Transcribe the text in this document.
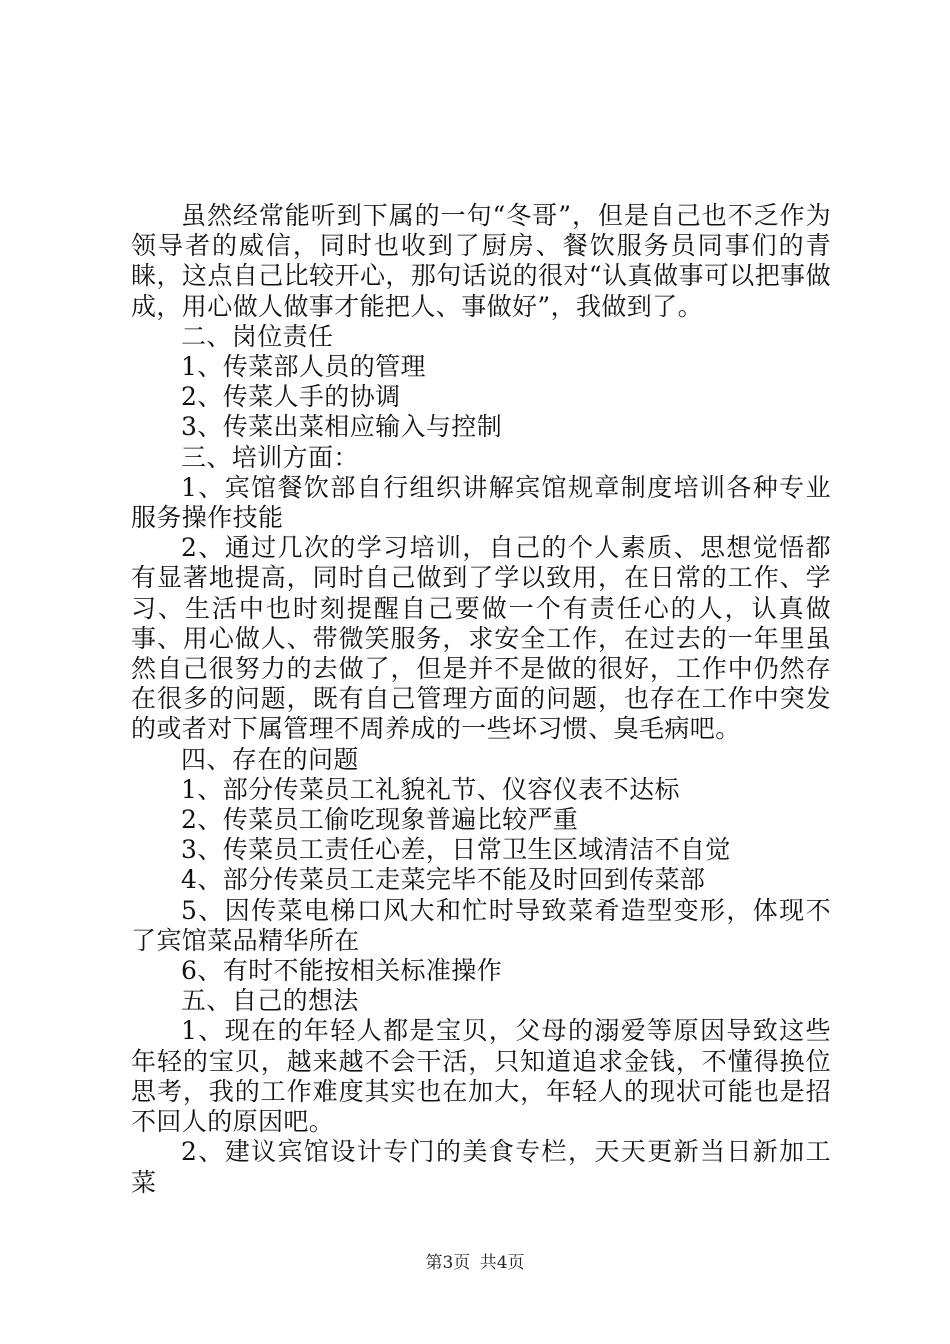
虽然经常能听到下属的一句“冬哥”，但是自己也不乏作为领导者的威信，同时也收到了厨房、餐饮服务员同事们的青睐，这点自己比较开心，那句话说的很对“认真做事可以把事做成，用心做人做事才能把人、事做好”，我做到了。

二、岗位责任

1、传菜部人员的管理

2、传菜人手的协调

3、传菜出菜相应输入与控制

三、培训方面：

1、宾馆餐饮部自行组织讲解宾馆规章制度培训各种专业服务操作技能

2、通过几次的学习培训，自己的个人素质、思想觉悟都有显著地提高，同时自己做到了学以致用，在日常的工作、学习、生活中也时刻提醒自己要做一个有责任心的人，认真做事、用心做人、带微笑服务，求安全工作，在过去的一年里虽然自己很努力的去做了，但是并不是做的很好，工作中仍然存在很多的问题，既有自己管理方面的问题，也存在工作中突发的或者对下属管理不周养成的一些坏习惯、臭毛病吧。

四、存在的问题

1、部分传菜员工礼貌礼节、仪容仪表不达标

2、传菜员工偷吃现象普遍比较严重

3、传菜员工责任心差，日常卫生区域清洁不自觉

4、部分传菜员工走菜完毕不能及时回到传菜部

5、因传菜电梯口风大和忙时导致菜肴造型变形，体现不了宾馆菜品精华所在

6、有时不能按相关标准操作

五、自己的想法

1、现在的年轻人都是宝贝，父母的溺爱等原因导致这些年轻的宝贝，越来越不会干活，只知道追求金钱，不懂得换位思考，我的工作难度其实也在加大，年轻人的现状可能也是招不回人的原因吧。

2、建议宾馆设计专门的美食专栏，天天更新当日新加工菜

第3页 共4页
